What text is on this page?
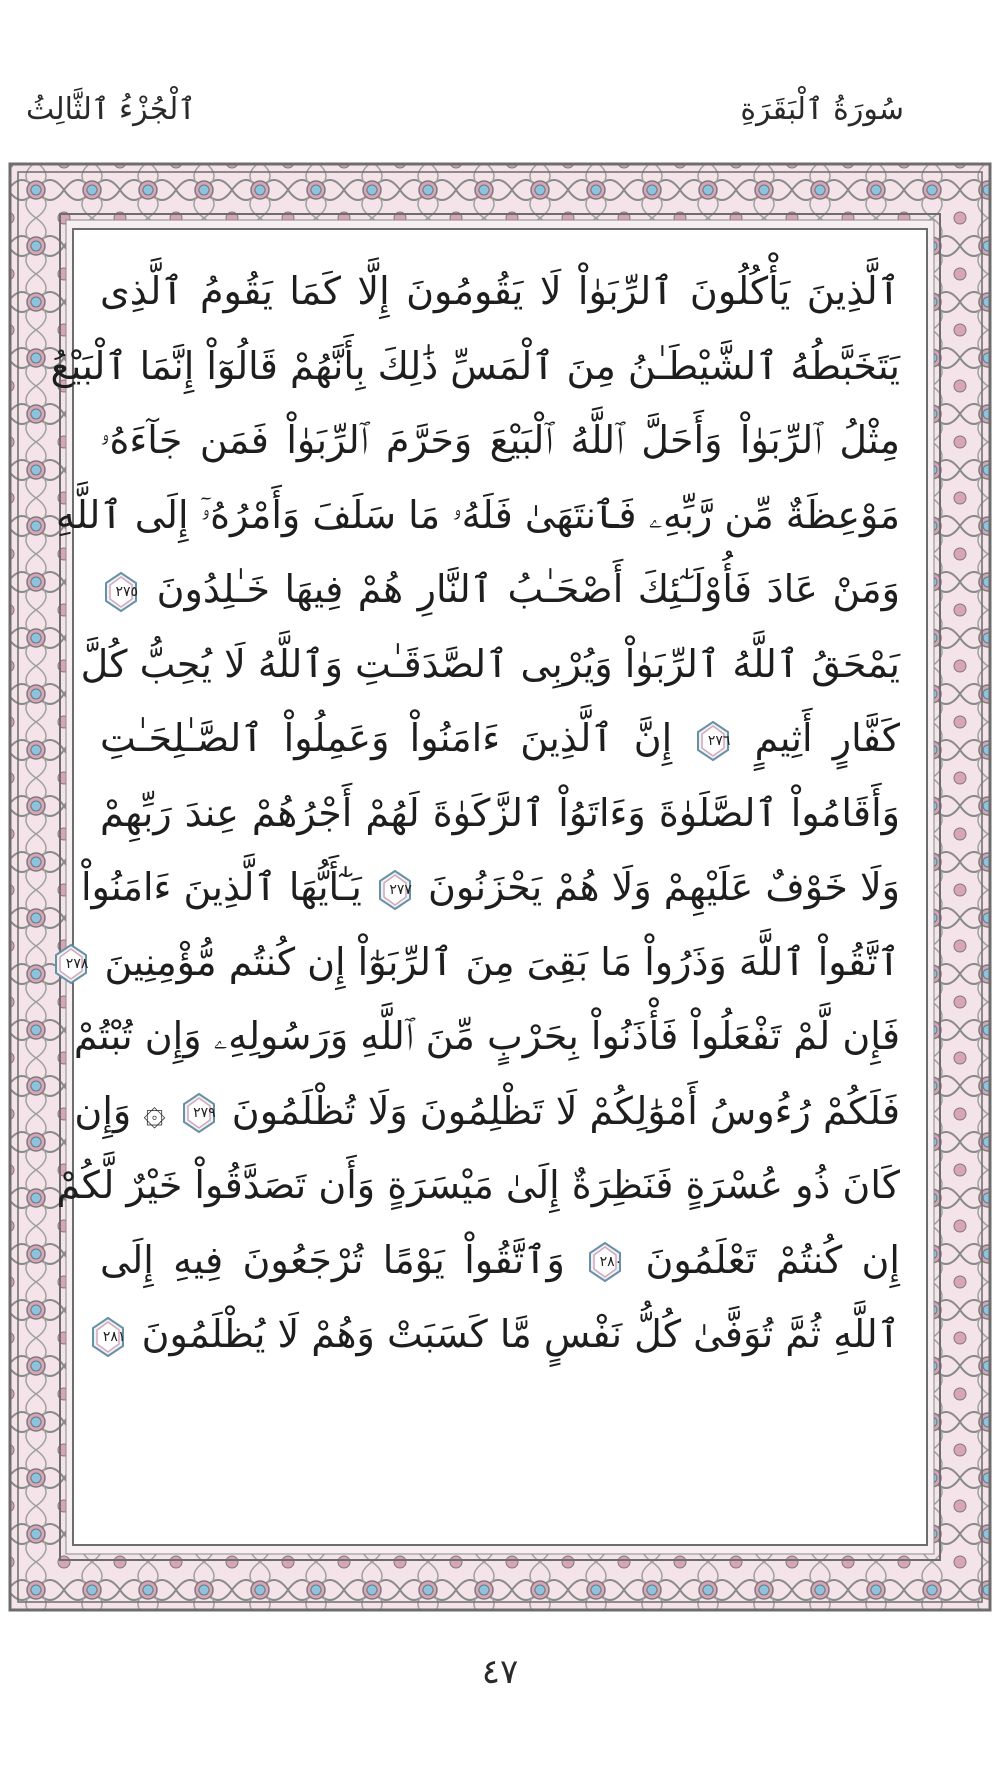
سُورَةُ ٱلْبَقَرَةِ
ٱلْجُزْءُ ٱلثَّالِثُ
ٱلَّذِينَ يَأْكُلُونَ ٱلرِّبَوٰاْ لَا يَقُومُونَ إِلَّا كَمَا يَقُومُ ٱلَّذِى
يَتَخَبَّطُهُ ٱلشَّيْطَـٰنُ مِنَ ٱلْمَسِّ ذَٰلِكَ بِأَنَّهُمْ قَالُوٓاْ إِنَّمَا ٱلْبَيْعُ
مِثْلُ ٱلرِّبَوٰاْ وَأَحَلَّ ٱللَّهُ ٱلْبَيْعَ وَحَرَّمَ ٱلرِّبَوٰاْ فَمَن جَآءَهُۥ
مَوْعِظَةٌ مِّن رَّبِّهِۦ فَٱنتَهَىٰ فَلَهُۥ مَا سَلَفَ وَأَمْرُهُۥٓ إِلَى ٱللَّهِ
وَمَنْ عَادَ فَأُوْلَـٰٓئِكَ أَصْحَـٰبُ ٱلنَّارِ هُمْ فِيهَا خَـٰلِدُونَ
٢٧٥
يَمْحَقُ ٱللَّهُ ٱلرِّبَوٰاْ وَيُرْبِى ٱلصَّدَقَـٰتِ وَٱللَّهُ لَا يُحِبُّ كُلَّ
كَفَّارٍ أَثِيمٍ
٢٧٦
إِنَّ ٱلَّذِينَ ءَامَنُواْ وَعَمِلُواْ ٱلصَّـٰلِحَـٰتِ
وَأَقَامُواْ ٱلصَّلَوٰةَ وَءَاتَوُاْ ٱلزَّكَوٰةَ لَهُمْ أَجْرُهُمْ عِندَ رَبِّهِمْ
وَلَا خَوْفٌ عَلَيْهِمْ وَلَا هُمْ يَحْزَنُونَ
٢٧٧
يَـٰٓأَيُّهَا ٱلَّذِينَ ءَامَنُواْ
ٱتَّقُواْ ٱللَّهَ وَذَرُواْ مَا بَقِىَ مِنَ ٱلرِّبَوٰٓاْ إِن كُنتُم مُّؤْمِنِينَ
٢٧٨
فَإِن لَّمْ تَفْعَلُواْ فَأْذَنُواْ بِحَرْبٍ مِّنَ ٱللَّهِ وَرَسُولِهِۦ وَإِن تُبْتُمْ
فَلَكُمْ رُءُوسُ أَمْوَٰلِكُمْ لَا تَظْلِمُونَ وَلَا تُظْلَمُونَ
٢٧٩
۞ وَإِن
كَانَ ذُو عُسْرَةٍ فَنَظِرَةٌ إِلَىٰ مَيْسَرَةٍ وَأَن تَصَدَّقُواْ خَيْرٌ لَّكُمْ
إِن كُنتُمْ تَعْلَمُونَ
٢٨٠
وَٱتَّقُواْ يَوْمًا تُرْجَعُونَ فِيهِ إِلَى
ٱللَّهِ ثُمَّ تُوَفَّىٰ كُلُّ نَفْسٍ مَّا كَسَبَتْ وَهُمْ لَا يُظْلَمُونَ
٢٨١
٤٧
